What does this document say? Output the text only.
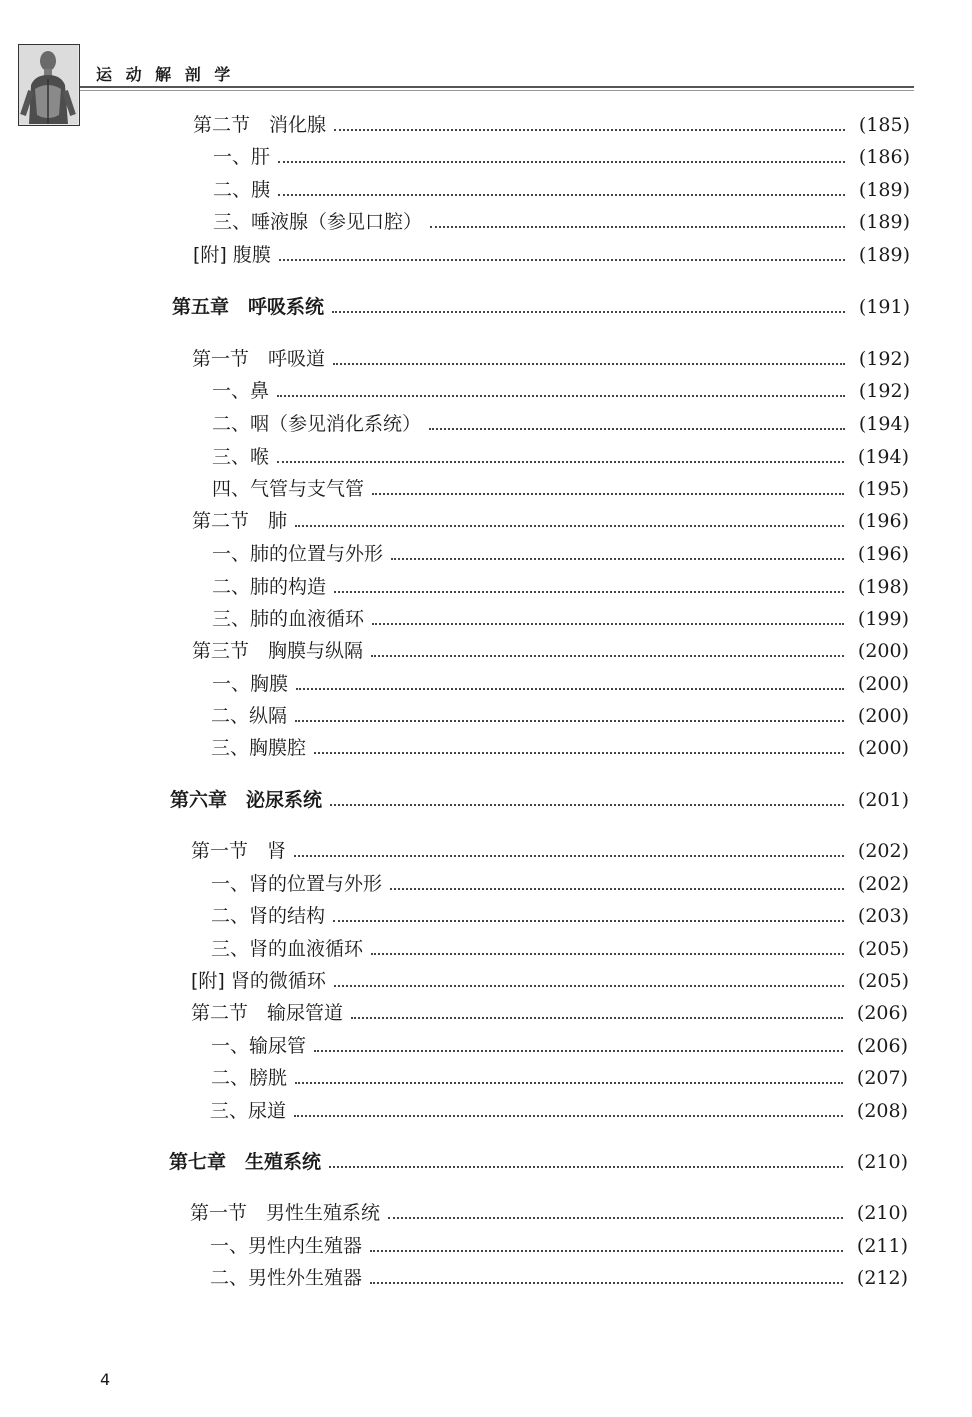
运 动 解 剖 学
第二节　消化腺	(185)
一、肝	(186)
二、胰	(189)
三、唾液腺（参见口腔）	(189)
[附] 腹膜	(189)
第五章　呼吸系统	(191)
第一节　呼吸道	(192)
一、鼻	(192)
二、咽（参见消化系统）	(194)
三、喉	(194)
四、气管与支气管	(195)
第二节　肺	(196)
一、肺的位置与外形	(196)
二、肺的构造	(198)
三、肺的血液循环	(199)
第三节　胸膜与纵隔	(200)
一、胸膜	(200)
二、纵隔	(200)
三、胸膜腔	(200)
第六章　泌尿系统	(201)
第一节　肾	(202)
一、肾的位置与外形	(202)
二、肾的结构	(203)
三、肾的血液循环	(205)
[附] 肾的微循环	(205)
第二节　输尿管道	(206)
一、输尿管	(206)
二、膀胱	(207)
三、尿道	(208)
第七章　生殖系统	(210)
第一节　男性生殖系统	(210)
一、男性内生殖器	(211)
二、男性外生殖器	(212)
4
